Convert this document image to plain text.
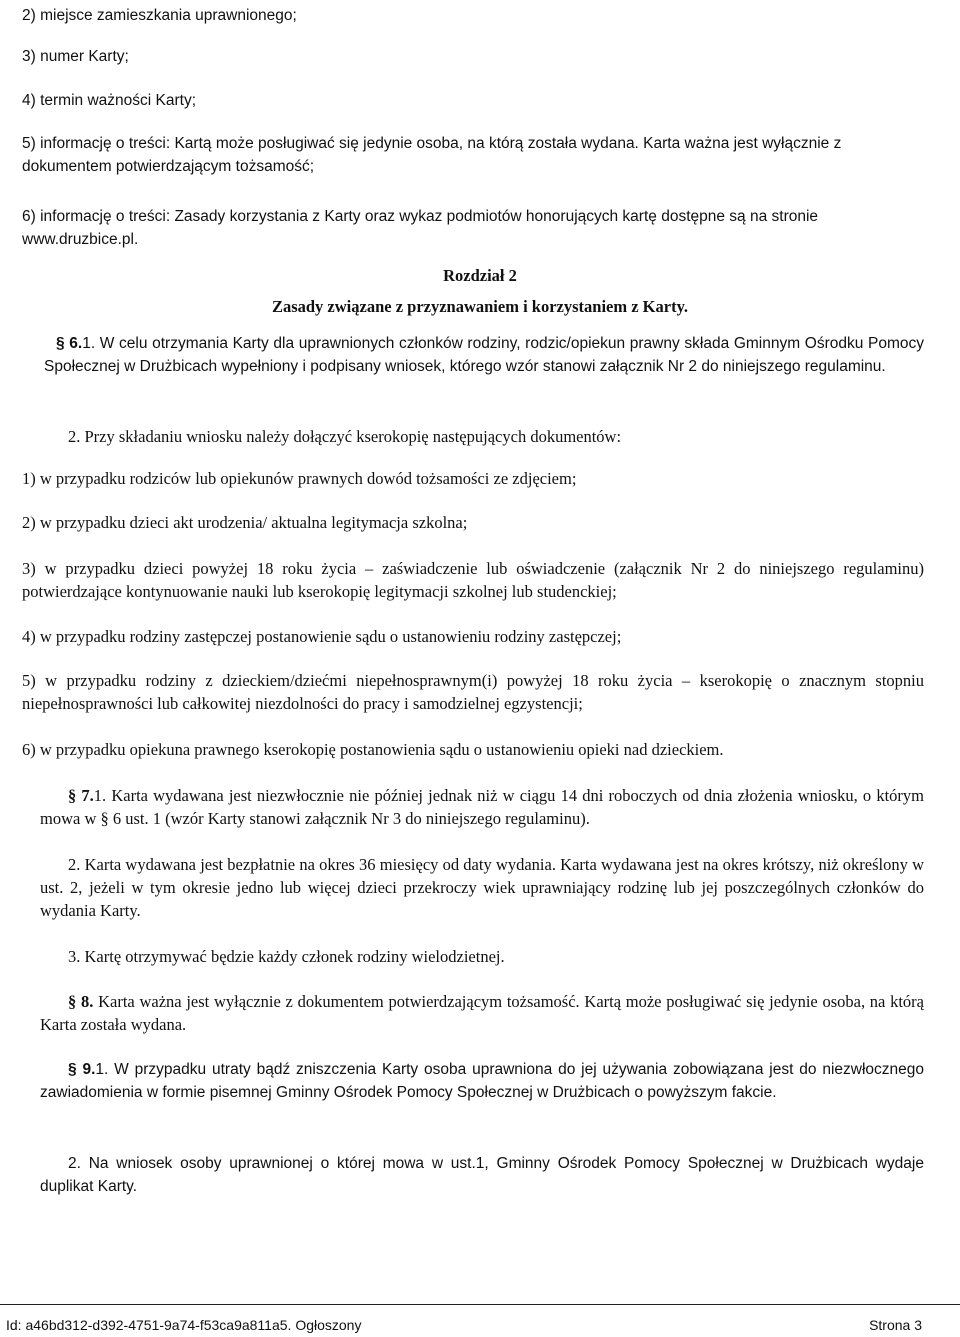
2) miejsce zamieszkania uprawnionego;

3) numer Karty;

4) termin ważności Karty;

5) informację o treści: Kartą może posługiwać się jedynie osoba, na którą została wydana. Karta ważna jest wyłącznie z dokumentem potwierdzającym tożsamość;

6) informację o treści: Zasady korzystania z Karty oraz wykaz podmiotów honorujących kartę dostępne są na stronie www.druzbice.pl.

Rozdział 2
Zasady związane z przyznawaniem i korzystaniem z Karty.

§ 6.1. W celu otrzymania Karty dla uprawnionych członków rodziny, rodzic/opiekun prawny składa Gminnym Ośrodku Pomocy Społecznej w Drużbicach wypełniony i podpisany wniosek, którego wzór stanowi załącznik Nr 2 do niniejszego regulaminu.

2. Przy składaniu wniosku należy dołączyć kserokopię następujących dokumentów:

1) w przypadku rodziców lub opiekunów prawnych dowód tożsamości ze zdjęciem;

2) w przypadku dzieci akt urodzenia/ aktualna legitymacja szkolna;

3) w przypadku dzieci powyżej 18 roku życia – zaświadczenie lub oświadczenie (załącznik Nr 2 do niniejszego regulaminu) potwierdzające kontynuowanie nauki lub kserokopię legitymacji szkolnej lub studenckiej;

4) w przypadku rodziny zastępczej postanowienie sądu o ustanowieniu rodziny zastępczej;

5) w przypadku rodziny z dzieckiem/dziećmi niepełnosprawnym(i) powyżej 18 roku życia – kserokopię o znacznym stopniu niepełnosprawności lub całkowitej niezdolności do pracy i samodzielnej egzystencji;

6) w przypadku opiekuna prawnego kserokopię postanowienia sądu o ustanowieniu opieki nad dzieckiem.

§ 7.1. Karta wydawana jest niezwłocznie nie później jednak niż w ciągu 14 dni roboczych od dnia złożenia wniosku, o którym mowa w § 6 ust. 1 (wzór Karty stanowi załącznik Nr 3 do niniejszego regulaminu).

2. Karta wydawana jest bezpłatnie na okres 36 miesięcy od daty wydania. Karta wydawana jest na okres krótszy, niż określony w ust. 2, jeżeli w tym okresie jedno lub więcej dzieci przekroczy wiek uprawniający rodzinę lub jej poszczególnych członków do wydania Karty.

3. Kartę otrzymywać będzie każdy członek rodziny wielodzietnej.

§ 8. Karta ważna jest wyłącznie z dokumentem potwierdzającym tożsamość. Kartą może posługiwać się jedynie osoba, na którą Karta została wydana.

§ 9.1. W przypadku utraty bądź zniszczenia Karty osoba uprawniona do jej używania zobowiązana jest do niezwłocznego zawiadomienia w formie pisemnej Gminny Ośrodek Pomocy Społecznej w Drużbicach o powyższym fakcie.

2. Na wniosek osoby uprawnionej o której mowa w ust.1, Gminny Ośrodek Pomocy Społecznej w Drużbicach wydaje duplikat Karty.

Id: a46bd312-d392-4751-9a74-f53ca9a811a5. Ogłoszony	Strona 3
